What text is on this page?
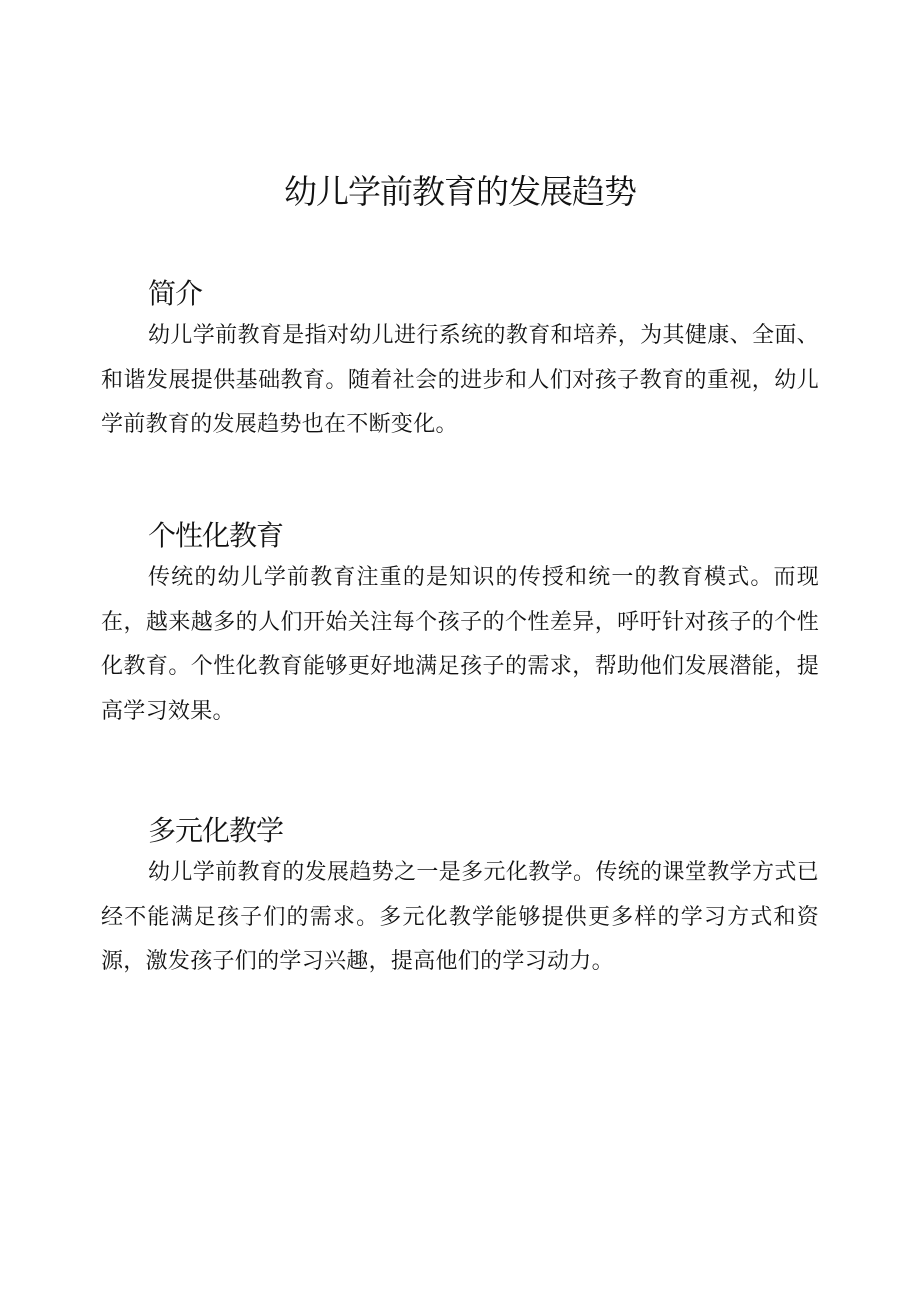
幼儿学前教育的发展趋势
简介

幼儿学前教育是指对幼儿进行系统的教育和培养，为其健康、全面、和谐发展提供基础教育。随着社会的进步和人们对孩子教育的重视，幼儿学前教育的发展趋势也在不断变化。

个性化教育

传统的幼儿学前教育注重的是知识的传授和统一的教育模式。而现在，越来越多的人们开始关注每个孩子的个性差异，呼吁针对孩子的个性化教育。个性化教育能够更好地满足孩子的需求，帮助他们发展潜能，提高学习效果。

多元化教学

幼儿学前教育的发展趋势之一是多元化教学。传统的课堂教学方式已经不能满足孩子们的需求。多元化教学能够提供更多样的学习方式和资源，激发孩子们的学习兴趣，提高他们的学习动力。
